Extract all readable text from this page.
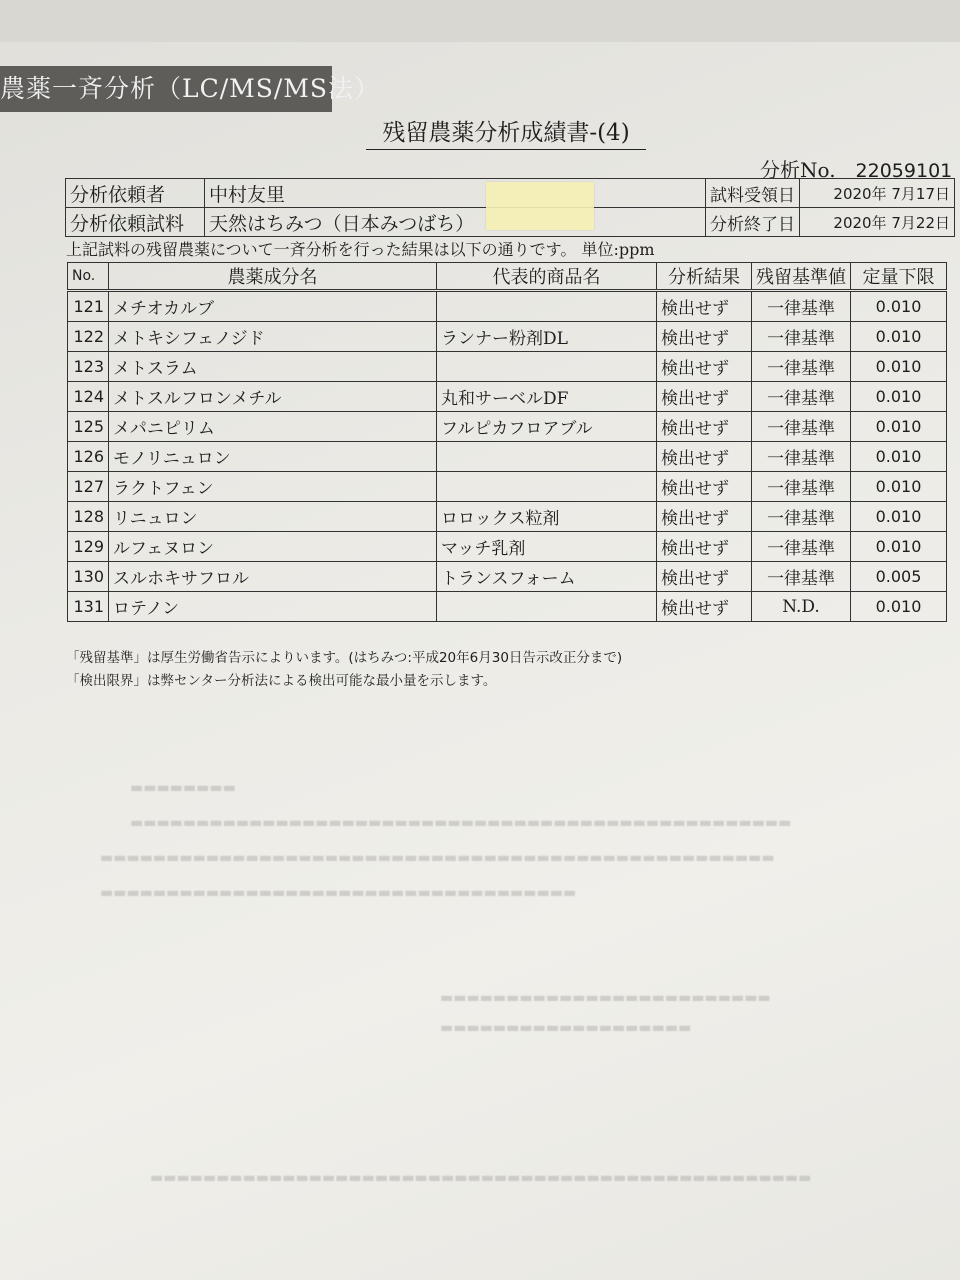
農薬一斉分析（LC/MS/MS法）
残留農薬分析成績書-(4)
分析No. 22059101
分析依頼者	中村友里	試料受領日	2020年 7月17日
分析依頼試料	天然はちみつ（日本みつばち）	分析終了日	2020年 7月22日
上記試料の残留農薬について一斉分析を行った結果は以下の通りです。 単位:ppm
No.	農薬成分名	代表的商品名	分析結果	残留基準値	定量下限
121	メチオカルブ		検出せず	一律基準	0.010
122	メトキシフェノジド	ランナー粉剤DL	検出せず	一律基準	0.010
123	メトスラム		検出せず	一律基準	0.010
124	メトスルフロンメチル	丸和サーベルDF	検出せず	一律基準	0.010
125	メパニピリム	フルピカフロアブル	検出せず	一律基準	0.010
126	モノリニュロン		検出せず	一律基準	0.010
127	ラクトフェン		検出せず	一律基準	0.010
128	リニュロン	ロロックス粒剤	検出せず	一律基準	0.010
129	ルフェヌロン	マッチ乳剤	検出せず	一律基準	0.010
130	スルホキサフロル	トランスフォーム	検出せず	一律基準	0.005
131	ロテノン		検出せず	N.D.	0.010
「残留基準」は厚生労働省告示によりいます。(はちみつ:平成20年6月30日告示改正分まで)
「検出限界」は弊センター分析法による検出可能な最小量を示します。
▬▬▬▬▬▬▬▬
▬▬▬▬▬▬▬▬▬▬▬▬▬▬▬▬▬▬▬▬▬▬▬▬▬▬▬▬▬▬▬▬▬▬▬▬▬▬▬▬▬▬▬▬▬▬▬▬▬▬
▬▬▬▬▬▬▬▬▬▬▬▬▬▬▬▬▬▬▬▬▬▬▬▬▬▬▬▬▬▬▬▬▬▬▬▬▬▬▬▬▬▬▬▬▬▬▬▬▬▬▬
▬▬▬▬▬▬▬▬▬▬▬▬▬▬▬▬▬▬▬▬▬▬▬▬▬▬▬▬▬▬▬▬▬▬▬▬
▬▬▬▬▬▬▬▬▬▬▬▬▬▬▬▬▬▬▬▬▬▬▬▬▬
▬▬▬▬▬▬▬▬▬▬▬▬▬▬▬▬▬▬▬
▬▬▬▬▬▬▬▬▬▬▬▬▬▬▬▬▬▬▬▬▬▬▬▬▬▬▬▬▬▬▬▬▬▬▬▬▬▬▬▬▬▬▬▬▬▬▬▬▬▬
